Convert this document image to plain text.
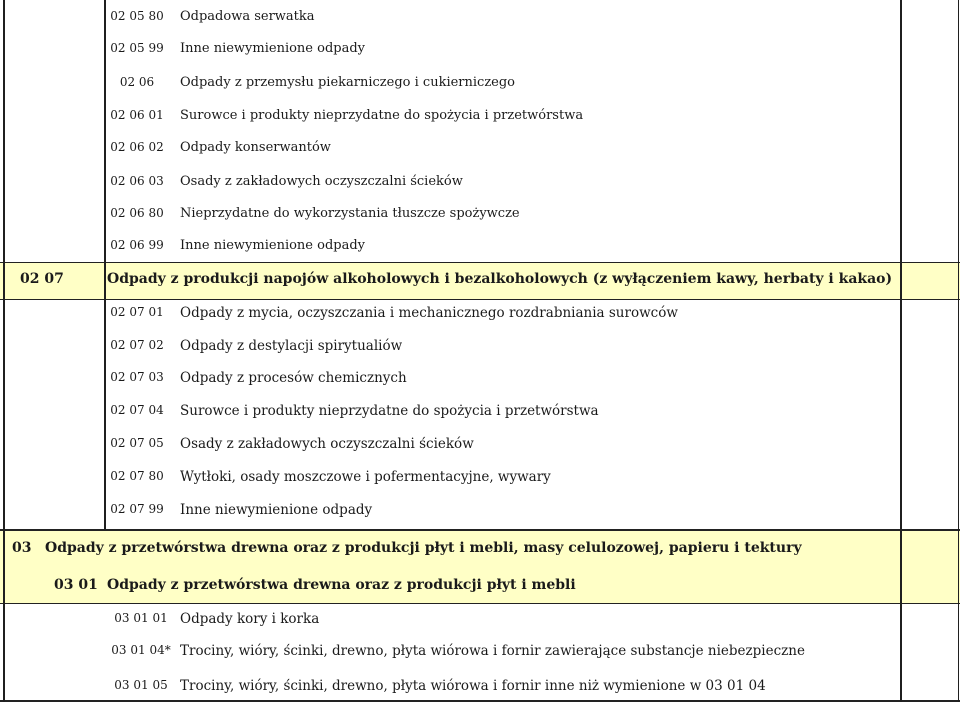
02 05 80	Odpadowa serwatka
02 05 99	Inne niewymienione odpady
02 06	Odpady z przemysłu piekarniczego i cukierniczego
02 06 01	Surowce i produkty nieprzydatne do spożycia i przetwórstwa
02 06 02	Odpady konserwantów
02 06 03	Osady z zakładowych oczyszczalni ścieków
02 06 80	Nieprzydatne do wykorzystania tłuszcze spożywcze
02 06 99	Inne niewymienione odpady
02 07	Odpady z produkcji napojów alkoholowych i bezalkoholowych (z wyłączeniem kawy, herbaty i kakao)
02 07 01	Odpady z mycia, oczyszczania i mechanicznego rozdrabniania surowców
02 07 02	Odpady z destylacji spirytualiów
02 07 03	Odpady z procesów chemicznych
02 07 04	Surowce i produkty nieprzydatne do spożycia i przetwórstwa
02 07 05	Osady z zakładowych oczyszczalni ścieków
02 07 80	Wytłoki, osady moszczowe i pofermentacyjne, wywary
02 07 99	Inne niewymienione odpady
03 Odpady z przetwórstwa drewna oraz z produkcji płyt i mebli, masy celulozowej, papieru i tektury
03 01 Odpady z przetwórstwa drewna oraz z produkcji płyt i mebli
03 01 01 Odpady kory i korka
03 01 04* Trociny, wióry, ścinki, drewno, płyta wiórowa i fornir zawierające substancje niebezpieczne
03 01 05 Trociny, wióry, ścinki, drewno, płyta wiórowa i fornir inne niż wymienione w 03 01 04
